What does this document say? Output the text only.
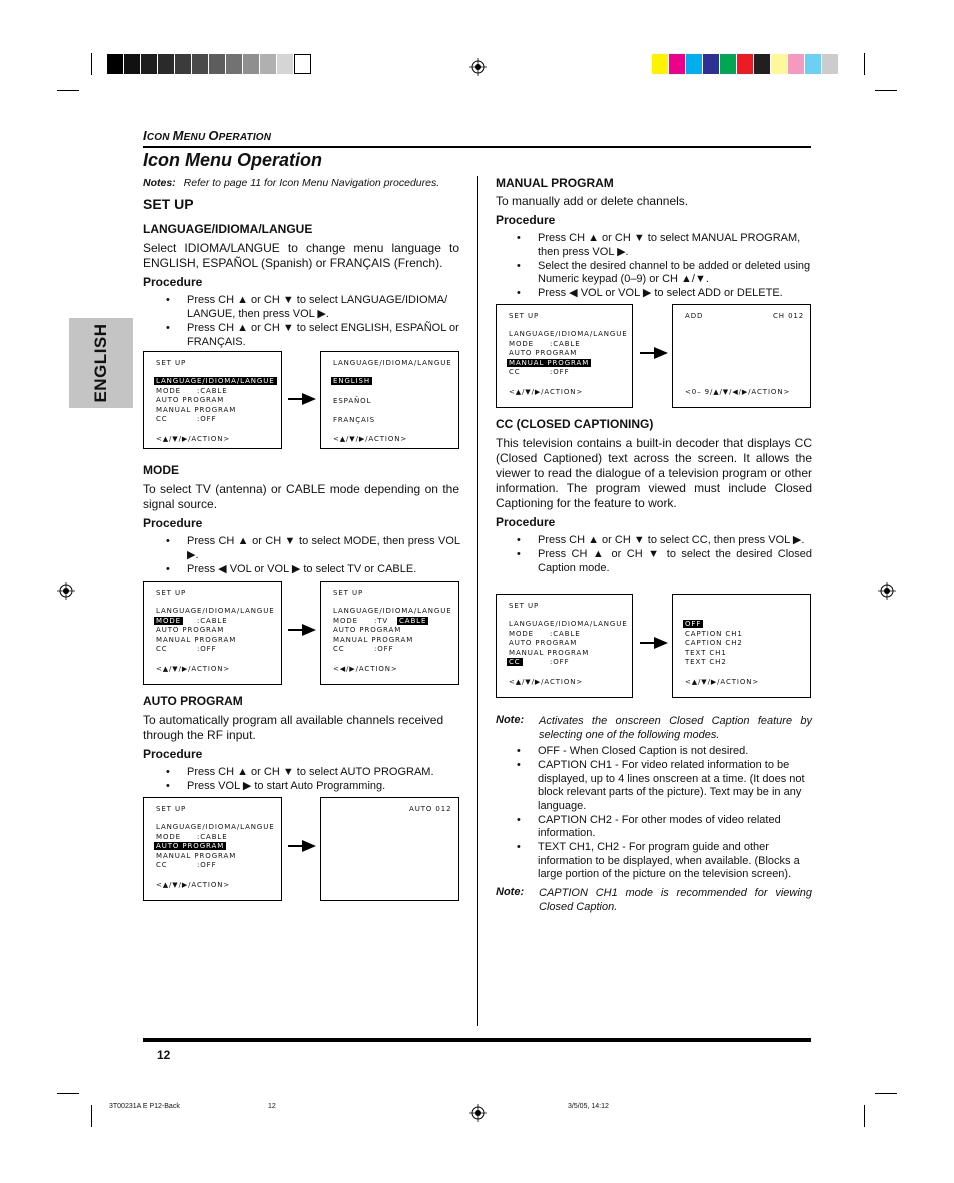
ICON MENU OPERATION
Icon Menu Operation
ENGLISH
Notes: Refer to page 11 for Icon Menu Navigation procedures.
SET UP
LANGUAGE/IDIOMA/LANGUE
Select IDIOMA/LANGUE to change menu language to ENGLISH, ESPAÑOL (Spanish) or FRANÇAIS (French).
Procedure
• Press CH ▲ or CH ▼ to select LANGUAGE/IDIOMA/ LANGUE, then press VOL ▶.
• Press CH ▲ or CH ▼ to select ENGLISH, ESPAÑOL or FRANÇAIS.
SET UP
LANGUAGE/IDIOMA/LANGUE
MODE :CABLE
AUTO PROGRAM
MANUAL PROGRAM
CC	:OFF
<▲/▼/▶/ACTION>
LANGUAGE/IDIOMA/LANGUE
ENGLISH
ESPAÑOL
FRANÇAIS
<▲/▼/▶/ACTION>
MODE
To select TV (antenna) or CABLE mode depending on the signal source.
Procedure
• Press CH ▲ or CH ▼ to select MODE, then press VOL ▶.
• Press ◀ VOL or VOL ▶ to select TV or CABLE.
SET UP
LANGUAGE/IDIOMA/LANGUE
MODE :CABLE
AUTO PROGRAM
MANUAL PROGRAM
CC	:OFF
<▲/▼/▶/ACTION>
SET UP
LANGUAGE/IDIOMA/LANGUE
MODE :TV CABLE
AUTO PROGRAM
MANUAL PROGRAM
CC	:OFF
<◀/▶/ACTION>
AUTO PROGRAM
To automatically program all available channels received through the RF input.
Procedure
• Press CH ▲ or CH ▼ to select AUTO PROGRAM.
• Press VOL ▶ to start Auto Programming.
SET UP
LANGUAGE/IDIOMA/LANGUE
MODE :CABLE
AUTO PROGRAM
MANUAL PROGRAM
CC	:OFF
<▲/▼/▶/ACTION>
AUTO 012
MANUAL PROGRAM
To manually add or delete channels.
Procedure
• Press CH ▲ or CH ▼ to select MANUAL PROGRAM, then press VOL ▶.
• Select the desired channel to be added or deleted using Numeric keypad (0–9) or CH ▲/▼.
• Press ◀ VOL or VOL ▶ to select ADD or DELETE.
SET UP
LANGUAGE/IDIOMA/LANGUE
MODE :CABLE
AUTO PROGRAM
MANUAL PROGRAM
CC	:OFF
<▲/▼/▶/ACTION>
ADD	CH 012
<0– 9/▲/▼/◀/▶/ACTION>
CC (CLOSED CAPTIONING)
This television contains a built-in decoder that displays CC (Closed Captioned) text across the screen. It allows the viewer to read the dialogue of a television program or other information. The program viewed must include Closed Captioning for the feature to work.
Procedure
• Press CH ▲ or CH ▼ to select CC, then press VOL ▶.
• Press CH ▲ or CH ▼ to select the desired Closed Caption mode.
SET UP
LANGUAGE/IDIOMA/LANGUE
MODE :CABLE
AUTO PROGRAM
MANUAL PROGRAM
CC	:OFF
<▲/▼/▶/ACTION>
OFF
CAPTION CH1
CAPTION CH2
TEXT CH1
TEXT CH2
<▲/▼/▶/ACTION>
Note: Activates the onscreen Closed Caption feature by selecting one of the following modes.
• OFF - When Closed Caption is not desired.
• CAPTION CH1 - For video related information to be displayed, up to 4 lines onscreen at a time. (It does not block relevant parts of the picture). Text may be in any language.
• CAPTION CH2 - For other modes of video related information.
• TEXT CH1, CH2 - For program guide and other information to be displayed, when available. (Blocks a large portion of the picture on the television screen).
Note: CAPTION CH1 mode is recommended for viewing Closed Caption.
12
3T00231A E P12-Back	12	3/5/05, 14:12
